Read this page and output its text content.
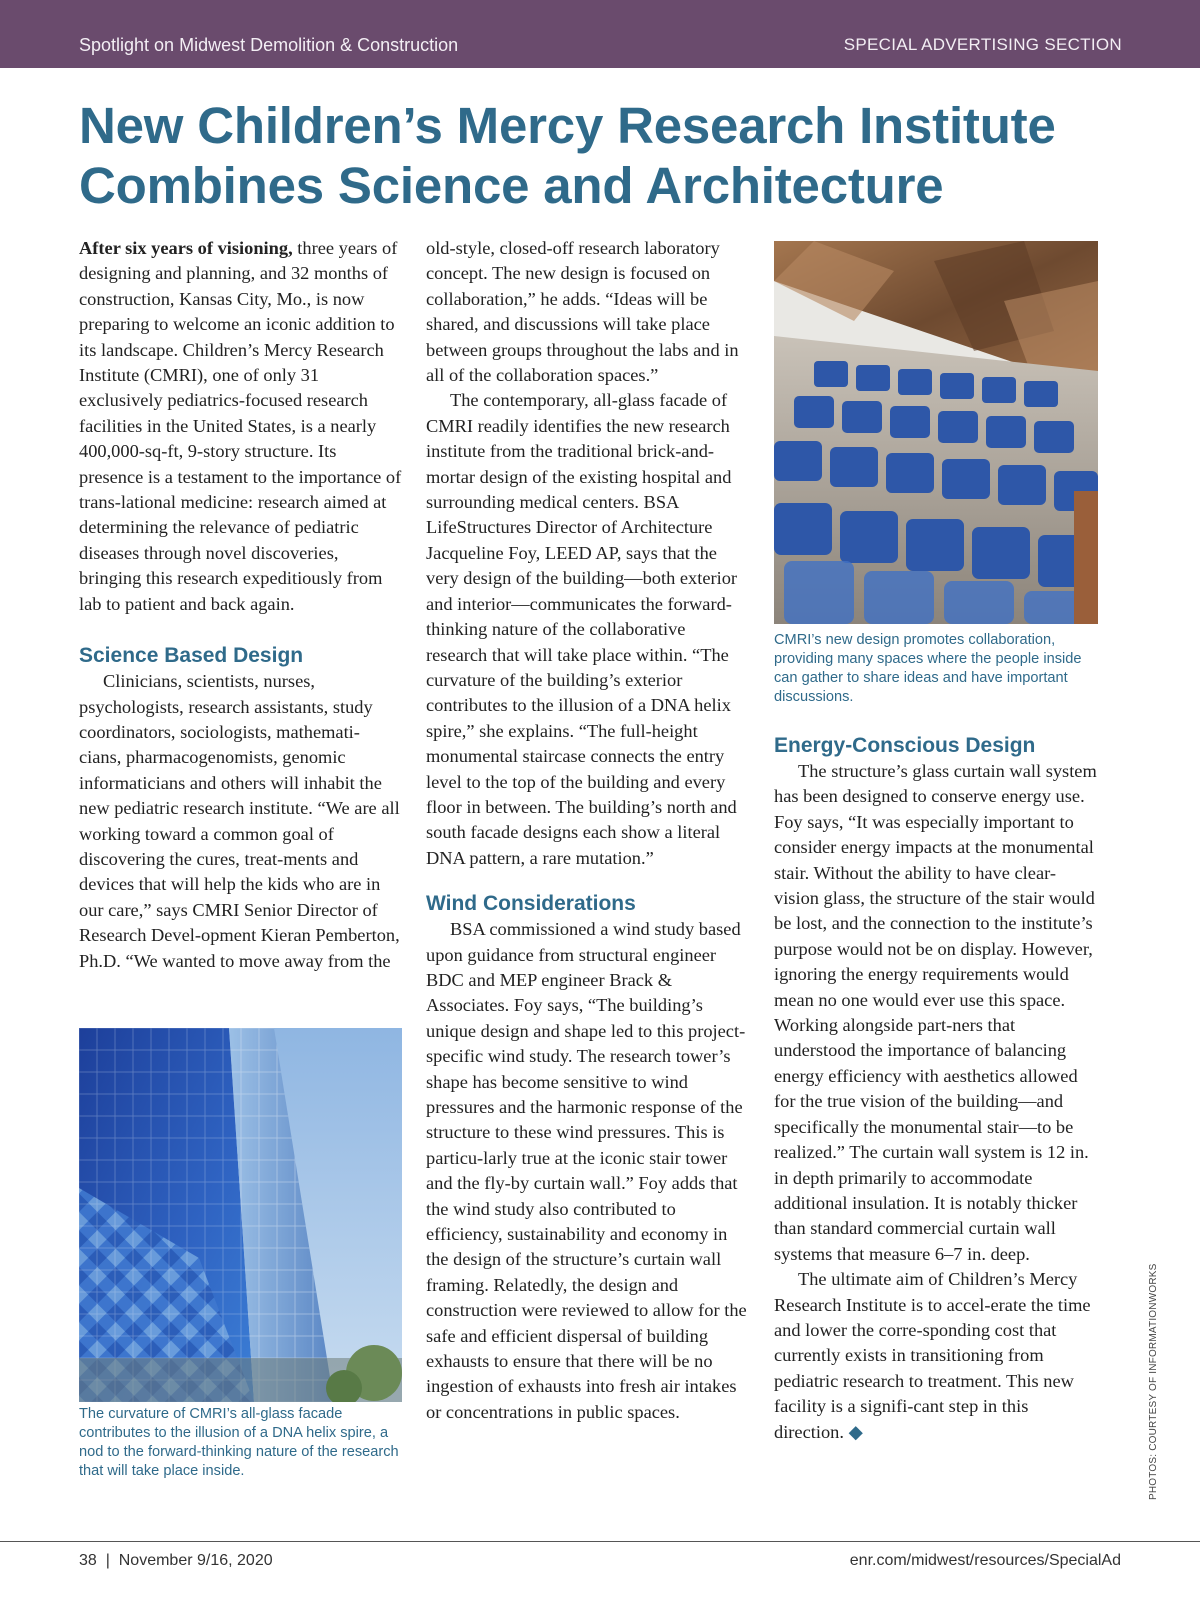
Spotlight on Midwest Demolition & Construction	SPECIAL ADVERTISING SECTION
New Children’s Mercy Research Institute
Combines Science and Architecture

After six years of visioning, three years of designing and planning, and 32 months of construction, Kansas City, Mo., is now preparing to welcome an iconic addition to its landscape. Children’s Mercy Research Institute (CMRI), one of only 31 exclusively pediatrics-focused research facilities in the United States, is a nearly 400,000-sq-ft, 9-story structure. Its presence is a testament to the importance of trans-lational medicine: research aimed at determining the relevance of pediatric diseases through novel discoveries, bringing this research expeditiously from lab to patient and back again.

Science Based Design

Clinicians, scientists, nurses, psychologists, research assistants, study coordinators, sociologists, mathemati-cians, pharmacogenomists, genomic informaticians and others will inhabit the new pediatric research institute. “We are all working toward a common goal of discovering the cures, treat-ments and devices that will help the kids who are in our care,” says CMRI Senior Director of Research Devel-opment Kieran Pemberton, Ph.D. “We wanted to move away from the

The curvature of CMRI’s all-glass facade contributes to the illusion of a DNA helix spire, a nod to the forward-thinking nature of the research that will take place inside.

old-style, closed-off research laboratory concept. The new design is focused on collaboration,” he adds. “Ideas will be shared, and discussions will take place between groups throughout the labs and in all of the collaboration spaces.”

The contemporary, all-glass facade of CMRI readily identifies the new research institute from the traditional brick-and-mortar design of the existing hospital and surrounding medical centers. BSA LifeStructures Director of Architecture Jacqueline Foy, LEED AP, says that the very design of the building—both exterior and interior—communicates the forward-thinking nature of the collaborative research that will take place within. “The curvature of the building’s exterior contributes to the illusion of a DNA helix spire,” she explains. “The full-height monumental staircase connects the entry level to the top of the building and every floor in between. The building’s north and south facade designs each show a literal DNA pattern, a rare mutation.”

Wind Considerations

BSA commissioned a wind study based upon guidance from structural engineer BDC and MEP engineer Brack & Associates. Foy says, “The building’s unique design and shape led to this project-specific wind study. The research tower’s shape has become sensitive to wind pressures and the harmonic response of the structure to these wind pressures. This is particu-larly true at the iconic stair tower and the fly-by curtain wall.” Foy adds that the wind study also contributed to efficiency, sustainability and economy in the design of the structure’s curtain wall framing. Relatedly, the design and construction were reviewed to allow for the safe and efficient dispersal of building exhausts to ensure that there will be no ingestion of exhausts into fresh air intakes or concentrations in public spaces.

CMRI’s new design promotes collaboration, providing many spaces where the people inside can gather to share ideas and have important discussions.
Energy-Conscious Design

The structure’s glass curtain wall system has been designed to conserve energy use. Foy says, “It was especially important to consider energy impacts at the monumental stair. Without the ability to have clear-vision glass, the structure of the stair would be lost, and the connection to the institute’s purpose would not be on display. However, ignoring the energy requirements would mean no one would ever use this space. Working alongside part-ners that understood the importance of balancing energy efficiency with aesthetics allowed for the true vision of the building—and specifically the monumental stair—to be realized.” The curtain wall system is 12 in. in depth primarily to accommodate additional insulation. It is notably thicker than standard commercial curtain wall systems that measure 6–7 in. deep.

The ultimate aim of Children’s Mercy Research Institute is to accel-erate the time and lower the corre-sponding cost that currently exists in transitioning from pediatric research to treatment. This new facility is a signifi-cant step in this direction. ◆	PHOTOS: COURTESY OF INFORMATIONWORKS
38  |  November 9/16, 2020	enr.com/midwest/resources/SpecialAd
